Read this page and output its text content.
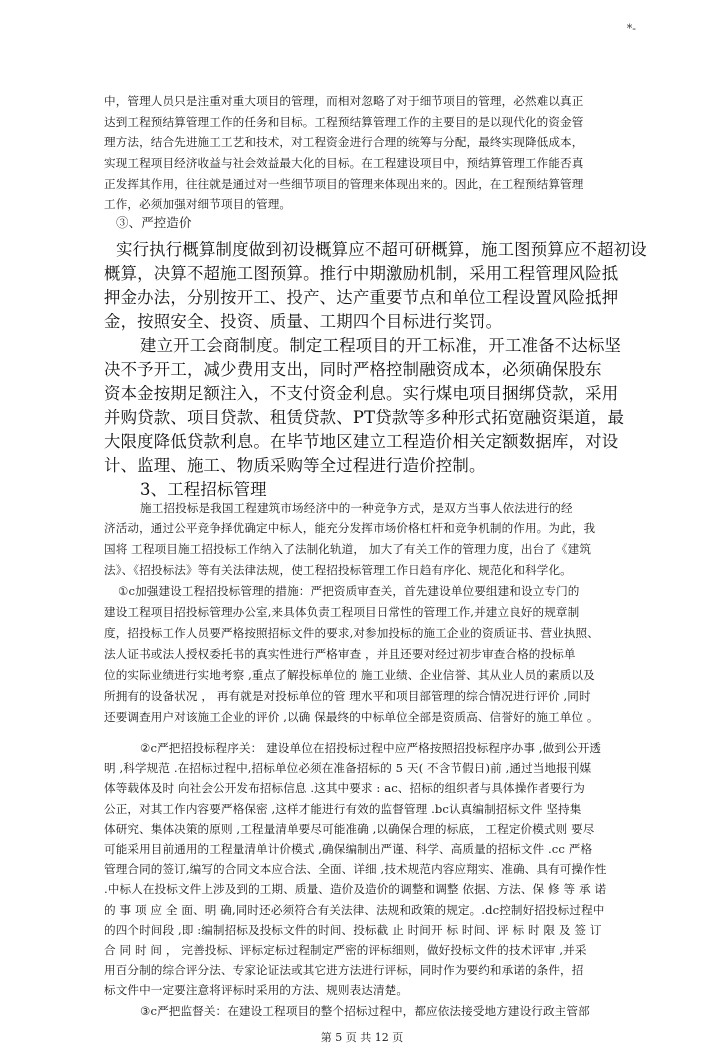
*-
中，管理人员只是注重对重大项目的管理，而相对忽略了对于细节项目的管理，必然难以真正
达到工程预结算管理工作的任务和目标。工程预结算管理工作的主要目的是以现代化的资金管
理方法，结合先进施工工艺和技术，对工程资金进行合理的统筹与分配，最终实现降低成本，
实现工程项目经济收益与社会效益最大化的目标。在工程建设项目中，预结算管理工作能否真
正发挥其作用，往往就是通过对一些细节项目的管理来体现出来的。因此，在工程预结算管理
工作，必须加强对细节项目的管理。
③、严控造价
实行执行概算制度做到初设概算应不超可研概算，施工图预算应不超初设
概算，决算不超施工图预算。推行中期激励机制，采用工程管理风险抵
押金办法，分别按开工、投产、达产重要节点和单位工程设置风险抵押
金，按照安全、投资、质量、工期四个目标进行奖罚。
建立开工会商制度。制定工程项目的开工标准，开工准备不达标坚
决不予开工，减少费用支出，同时严格控制融资成本，必须确保股东
资本金按期足额注入，不支付资金利息。实行煤电项目捆绑贷款，采用
并购贷款、项目贷款、租赁贷款、PT贷款等多种形式拓宽融资渠道，最
大限度降低贷款利息。在毕节地区建立工程造价相关定额数据库，对设
计、监理、施工、物质采购等全过程进行造价控制。
3、工程招标管理
施工招投标是我国工程建筑市场经济中的一种竞争方式，是双方当事人依法进行的经
济活动，通过公平竞争择优确定中标人，能充分发挥市场价格杠杆和竞争机制的作用。为此，我
国将 工程项目施工招投标工作纳入了法制化轨道， 加大了有关工作的管理力度，出台了《建筑
法》、《招投标法》等有关法律法规，使工程招投标管理工作日趋有序化、规范化和科学化。
①c加强建设工程招投标管理的措施：严把资质审查关，首先建设单位要组建和设立专门的
建设工程项目招投标管理办公室,来具体负责工程项目日常性的管理工作,并建立良好的规章制
度，招投标工作人员要严格按照招标文件的要求,对参加投标的施工企业的资质证书、营业执照、
法人证书或法人授权委托书的真实性进行严格审查 ，并且还要对经过初步审查合格的投标单
位的实际业绩进行实地考察 ,重点了解投标单位的 施工业绩、企业信誉、其从业人员的素质以及
所拥有的设备状况 ， 再有就是对投标单位的管 理水平和项目部管理的综合情况进行评价 ,同时
还要调查用户对该施工企业的评价 ,以确 保最终的中标单位全部是资质高、信誉好的施工单位 。
第 5 页 共 12 页
②c严把招投标程序关： 建设单位在招投标过程中应严格按照招投标程序办事 ,做到公开透
明 ,科学规范 .在招标过程中,招标单位必须在准备招标的 5 天( 不含节假日)前 ,通过当地报刊媒
体等载体及时 向社会公开发布招标信息 .这其中要求 : ac、招标的组织者与具体操作者要行为
公正，对其工作内容要严格保密 ,这样才能进行有效的监督管理 .bc认真编制招标文件 坚持集
体研究、集体决策的原则 ,工程量清单要尽可能准确 ,以确保合理的标底， 工程定价模式则 要尽
可能采用目前通用的工程量清单计价模式 ,确保编制出严谨、科学、高质量的招标文件 .cc 严格
管理合同的签订,编写的合同文本应合法、全面、详细 ,技术规范内容应翔实、准确、具有可操作性
.中标人在投标文件上涉及到的工期、质量、造价及造价的调整和调整 依据、方法、保 修 等 承 诺
的 事 项 应 全 面、明 确,同时还必须符合有关法律、法规和政策的规定。.dc控制好招投标过程中
的四个时间段 ,即 :编制招标及投标文件的时间、投标截 止 时间开 标 时间、评 标 时 限 及 签 订
合 同 时 间 ， 完善投标、评标定标过程制定严密的评标细则，做好投标文件的技术评审 ,并采
用百分制的综合评分法、专家论证法或其它进方法进行评标，同时作为要约和承诺的条件，招
标文件中一定要注意将评标时采用的方法、规则表达清楚。
③c严把监督关：在建设工程项目的整个招标过程中，都应依法接受地方建设行政主管部
